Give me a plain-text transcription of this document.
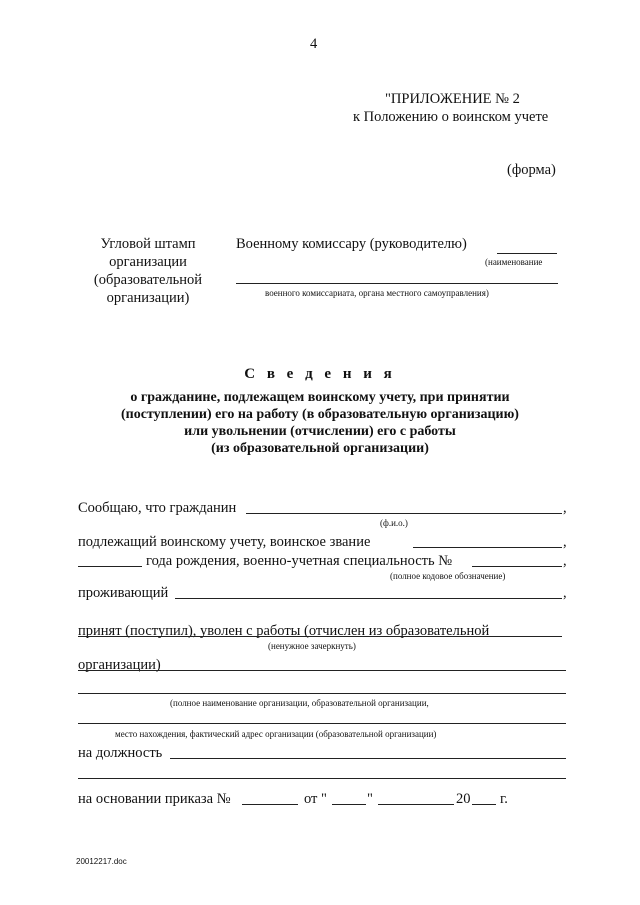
4
"ПРИЛОЖЕНИЕ № 2
к Положению о воинском учете
(форма)
Угловой штамп
организации
(образовательной
организации)
Военному комиссару (руководителю)
(наименование
военного комиссариата, органа местного самоуправления)
С в е д е н и я
о гражданине, подлежащем воинскому учету, при принятии
(поступлении) его на работу (в образовательную организацию)
или увольнении (отчислении) его с работы
(из образовательной организации)
Сообщаю, что гражданин	,
(ф.и.о.)
подлежащий воинскому учету, воинское звание	,
года рождения, военно-учетная специальность №	,
(полное кодовое обозначение)
проживающий	,
принят (поступил), уволен с работы (отчислен из образовательной
(ненужное зачеркнуть)
организации)
(полное наименование организации, образовательной организации,
место нахождения, фактический адрес организации (образовательной организации)
на должность
на основании приказа №	от "	"	20 г.
20012217.doc
